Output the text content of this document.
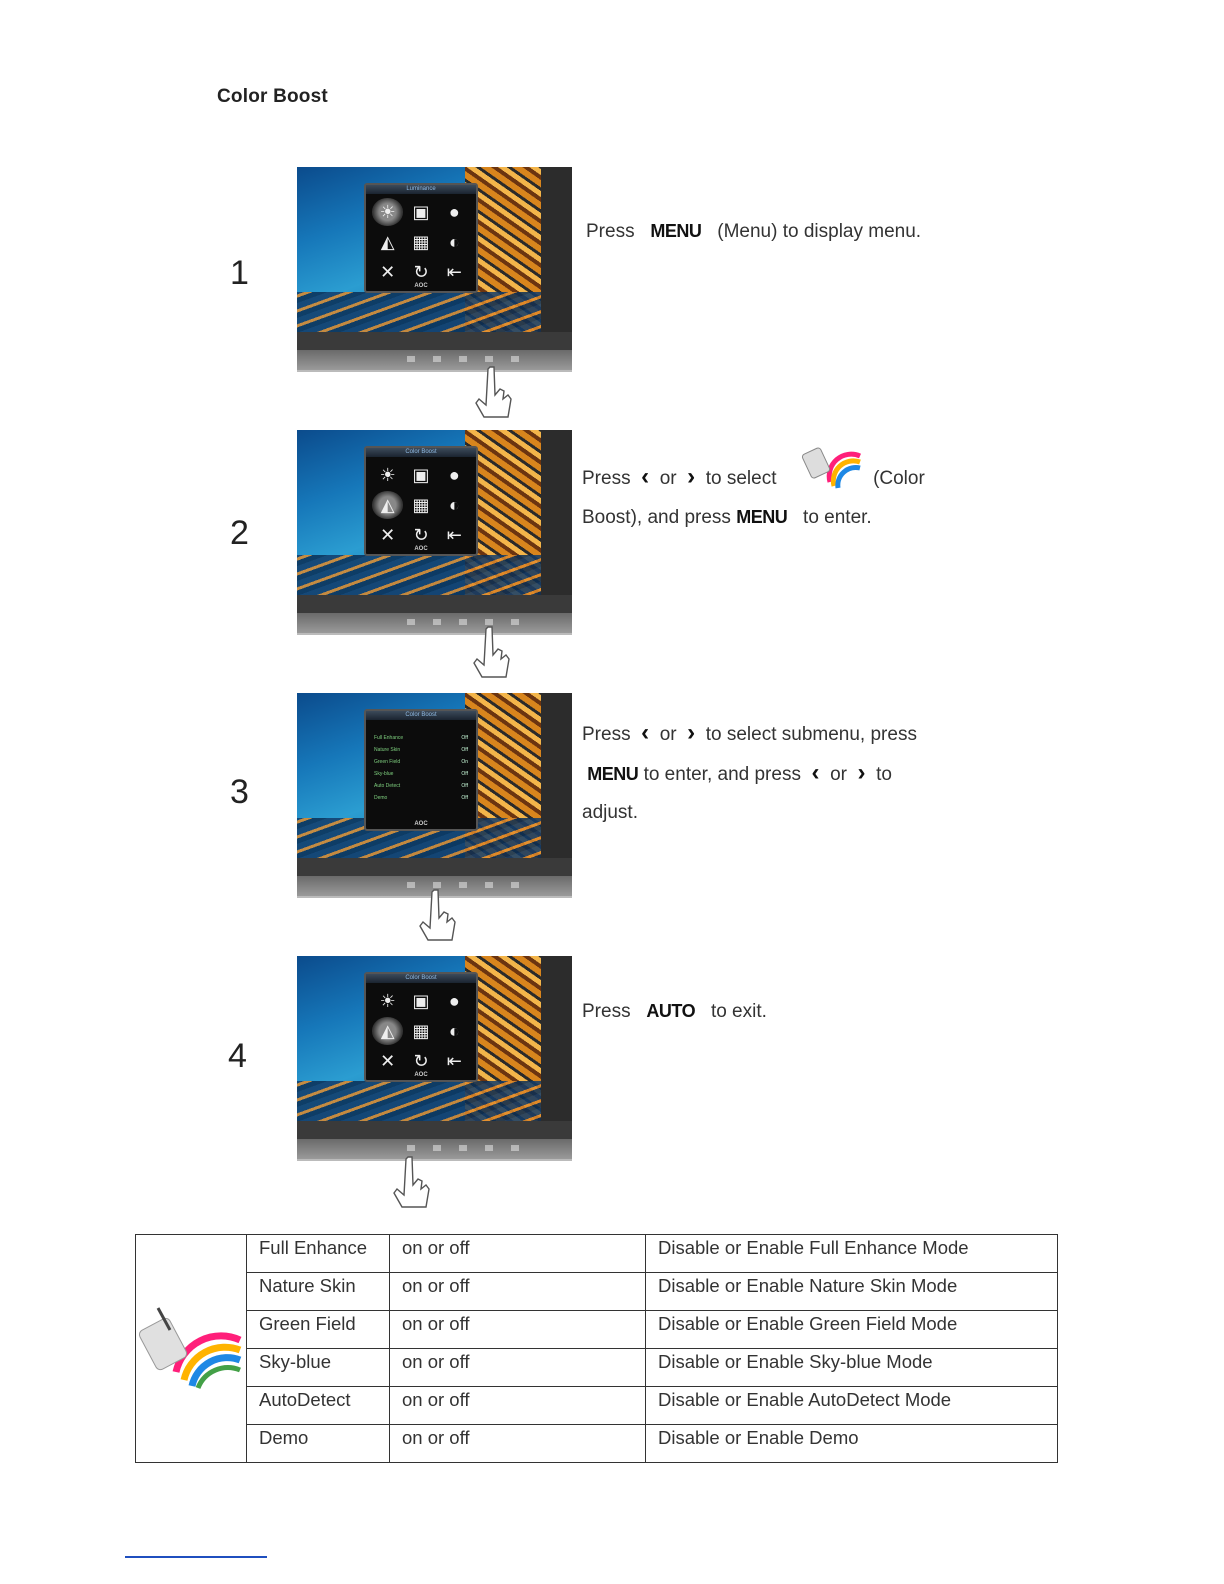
Color Boost
1
Luminance
☀ ▣	●
◭ ▦	◐
✕	↻	⇤
AOC
Press MENU (Menu) to display menu.
2
Color Boost
☀ ▣	●
◭ ▦	◐
✕	↻	⇤
AOC
Press ‹ or › to select	(Color
Boost), and press MENU to enter.
3
Color Boost
Full Enhance	Off
Nature Skin	Off
Green Field	On
Sky-blue	Off
Auto Detect	Off
Demo	Off
AOC
Press ‹ or › to select submenu, press
MENU to enter, and press ‹ or › to
adjust.
4
Color Boost
☀ ▣	●
◭ ▦	◐
✕	↻	⇤
AOC
Press AUTO to exit.
	Full Enhance	on or off	Disable or Enable Full Enhance Mode
	Nature Skin	on or off	Disable or Enable Nature Skin Mode
	Green Field	on or off	Disable or Enable Green Field Mode
	Sky-blue	on or off	Disable or Enable Sky-blue Mode
	AutoDetect	on or off	Disable or Enable AutoDetect Mode
	Demo	on or off	Disable or Enable Demo
